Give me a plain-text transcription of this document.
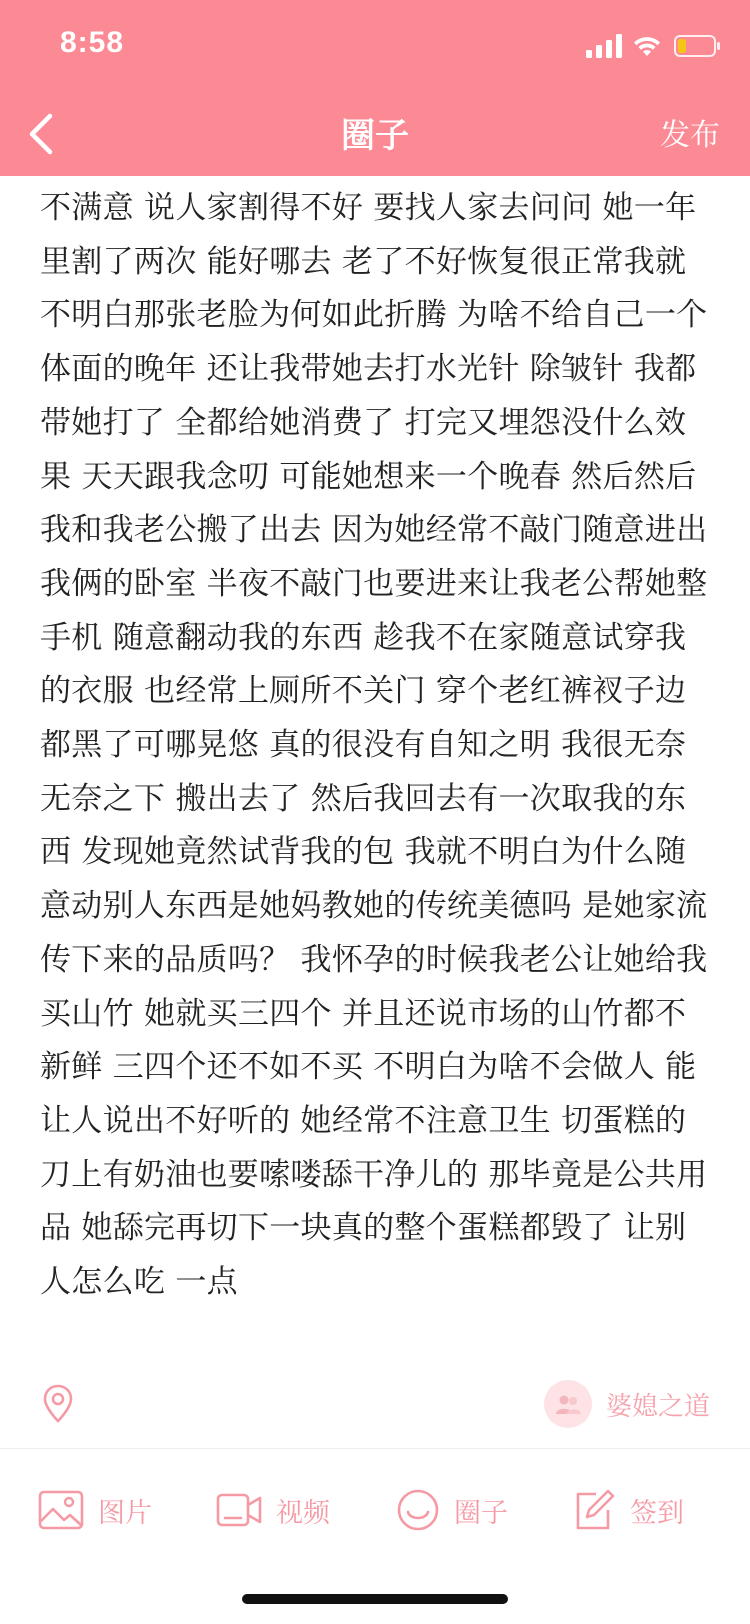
8:58
圈子	发布
不满意 说人家割得不好 要找人家去问问 她一年里割了两次 能好哪去 老了不好恢复很正常我就不明白那张老脸为何如此折腾 为啥不给自己一个体面的晚年 还让我带她去打水光针 除皱针 我都带她打了 全都给她消费了 打完又埋怨没什么效果 天天跟我念叨 可能她想来一个晚春 然后然后我和我老公搬了出去 因为她经常不敲门随意进出我俩的卧室 半夜不敲门也要进来让我老公帮她整手机 随意翻动我的东西 趁我不在家随意试穿我的衣服 也经常上厕所不关门 穿个老红裤衩子边都黑了可哪晃悠 真的很没有自知之明 我很无奈 无奈之下 搬出去了 然后我回去有一次取我的东西 发现她竟然试背我的包 我就不明白为什么随意动别人东西是她妈教她的传统美德吗 是她家流传下来的品质吗？ 我怀孕的时候我老公让她给我买山竹 她就买三四个 并且还说市场的山竹都不新鲜 三四个还不如不买 不明白为啥不会做人 能让人说出不好听的 她经常不注意卫生 切蛋糕的刀上有奶油也要嗦喽舔干净儿的 那毕竟是公共用品 她舔完再切下一块真的整个蛋糕都毁了 让别人怎么吃 一点
婆媳之道
图片	视频	圈子	签到
